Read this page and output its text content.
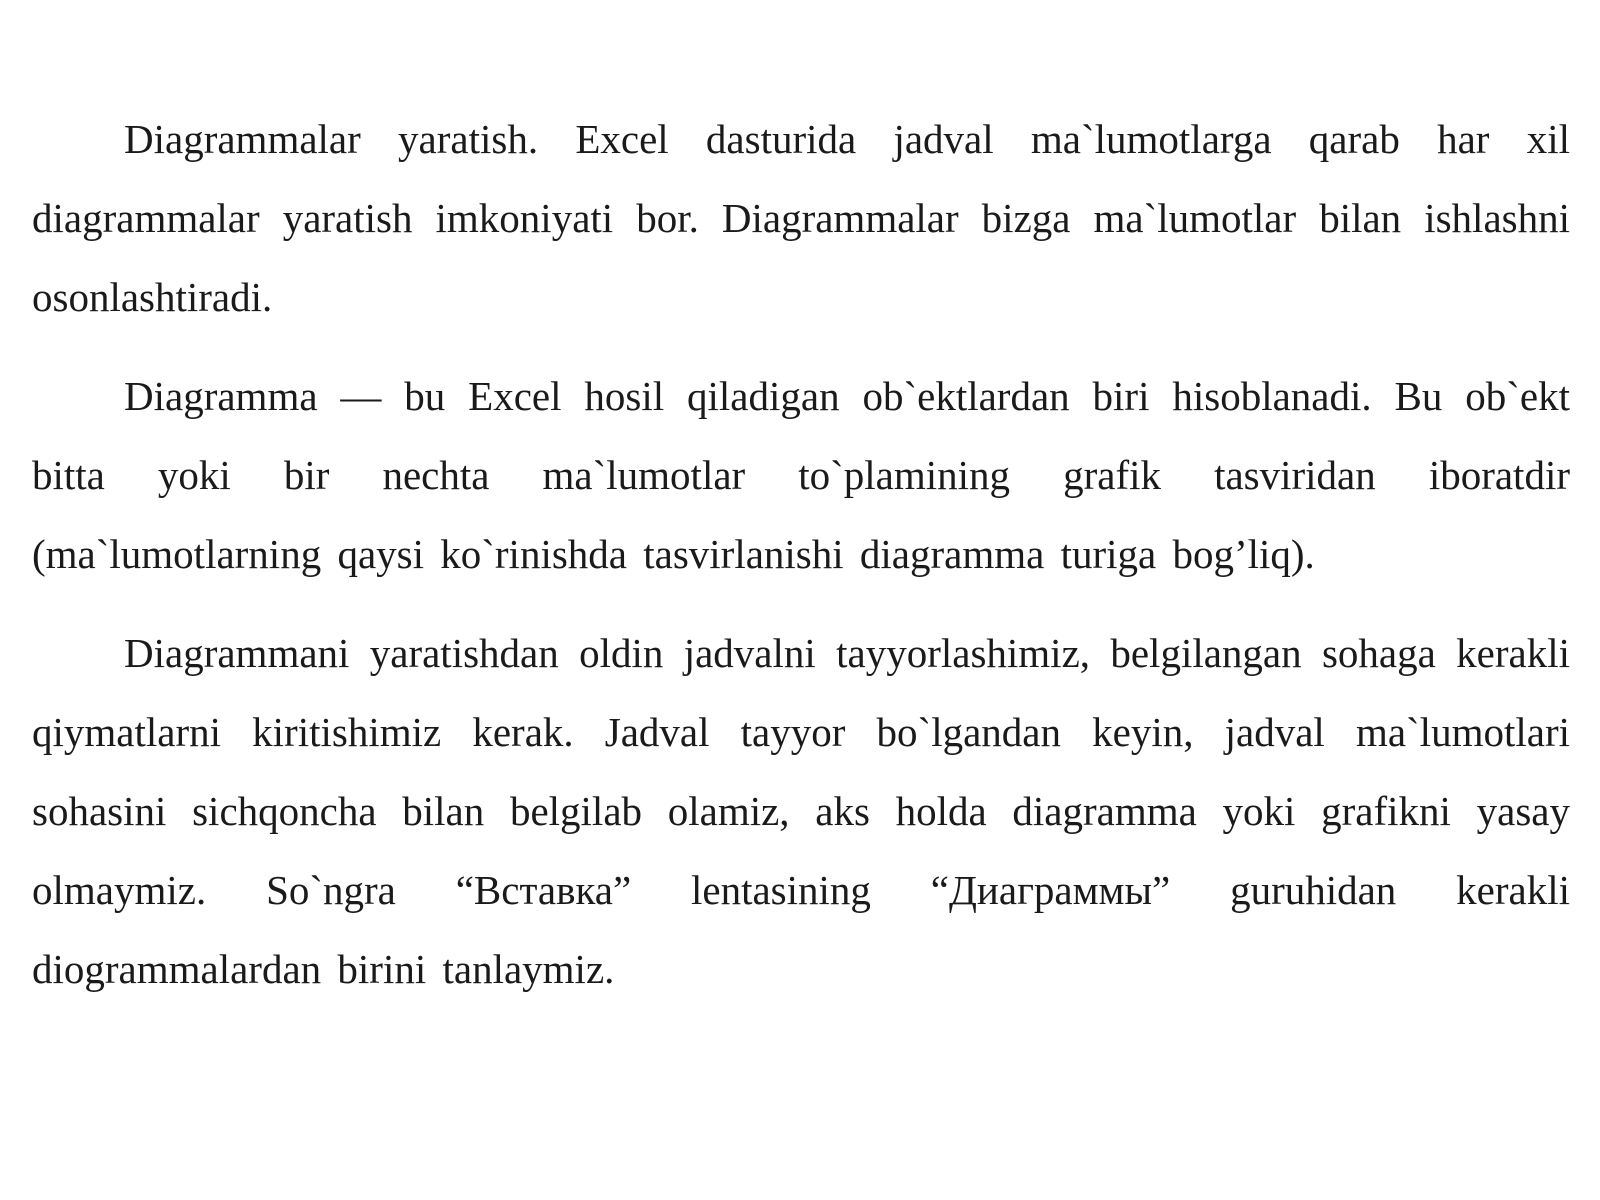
Diagrammalar yaratish. Excel dasturida jadval ma`lumotlarga qarab har xil diagrammalar yaratish imkoniyati bor. Diagrammalar bizga ma`lumotlar bilan ishlashni osonlashtiradi.

Diagramma — bu Excel hosil qiladigan ob`ektlardan biri hisoblanadi. Bu ob`ekt bitta yoki bir nechta ma`lumotlar to`plamining grafik tasviridan iboratdir (ma`lumotlarning qaysi ko`rinishda tasvirlanishi diagramma turiga bog’liq).

Diagrammani yaratishdan oldin jadvalni tayyorlashimiz, belgilangan sohaga kerakli qiymatlarni kiritishimiz kerak. Jadval tayyor bo`lgandan keyin, jadval ma`lumotlari sohasini sichqoncha bilan belgilab olamiz, aks holda diagramma yoki grafikni yasay olmaymiz. So`ngra “Вставка” lentasining “Диаграммы” guruhidan kerakli diogrammalardan birini tanlaymiz.
